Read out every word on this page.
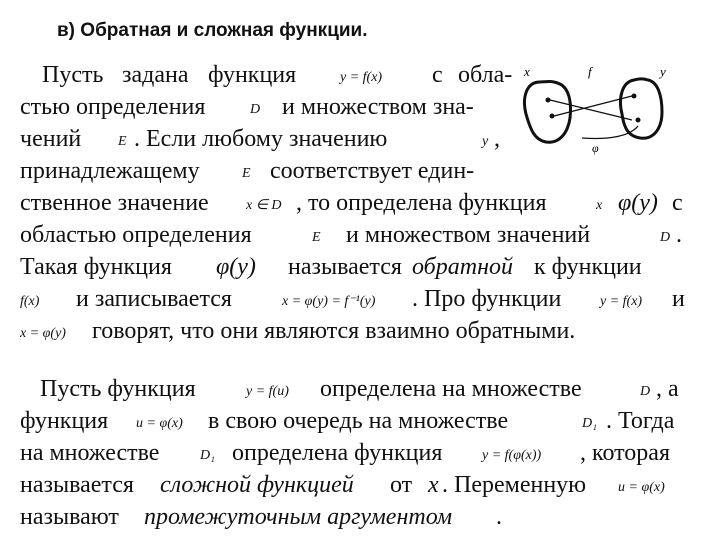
в) Обратная и сложная функции.
x	f	y
φ
Пусть задана функция	y = f(x) с обла-
стью определения	D и множеством зна-
чений	E . Если любому значению	y ,
принадлежащему	E соответствует един-
ственное значение	x ∈ D , то определена функция	x φ(y) с
областью определения	E и множеством значений	D .
Такая функция φ(y) называется обратной к функции
f(x) и записывается	x = φ(y) = f⁻¹(y) . Про функции	y = f(x) и
x = φ(y) говорят, что они являются взаимно обратными.
Пусть функция	y = f(u) определена на множестве	D , а
функция u = φ(x) в свою очередь на множестве	D₁ . Тогда
на множестве	D₁ определена функция	y = f(φ(x)) , которая
называется сложной функцией от x . Переменную u = φ(x)
называют промежуточным аргументом .
